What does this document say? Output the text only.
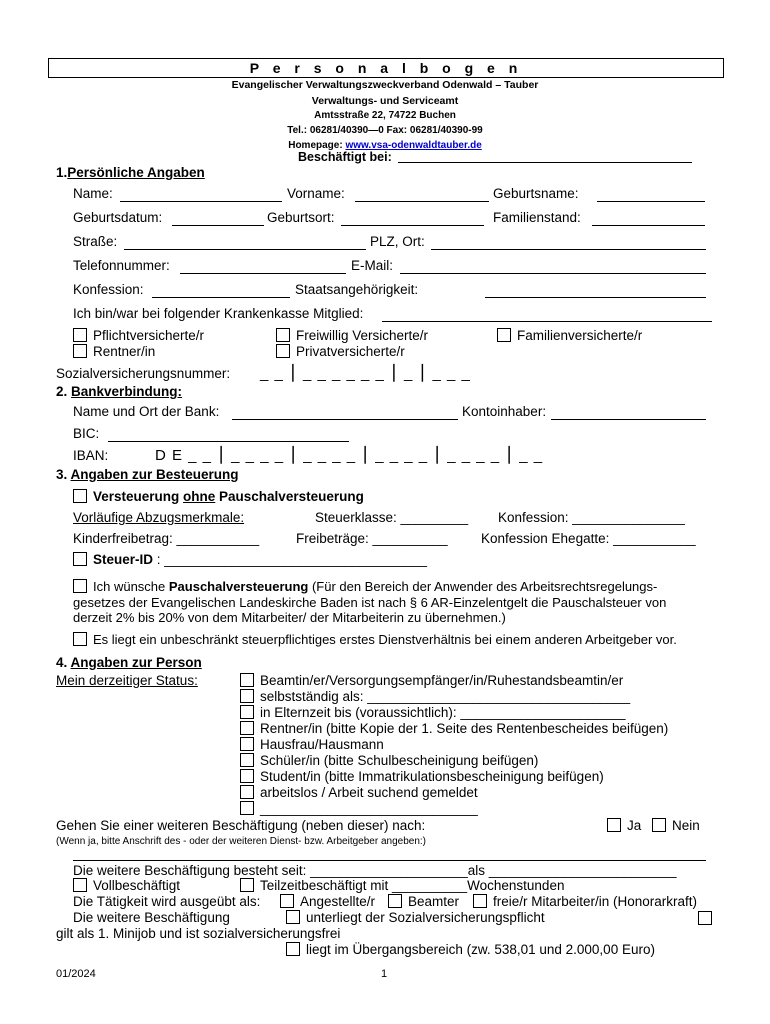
P e r s o n a l b o g e n
Evangelischer Verwaltungszweckverband Odenwald – Tauber
Verwaltungs- und Serviceamt
Amtsstraße 22, 74722 Buchen
Tel.: 06281/40390—0 Fax: 06281/40390-99
Homepage: www.vsa-odenwaldtauber.de
Beschäftigt bei:
1.Persönliche Angaben
Name:	Vorname:	Geburtsname:
Geburtsdatum:	Geburtsort:	Familienstand:
Straße:	PLZ, Ort:
Telefonnummer:	E-Mail:
Konfession:	Staatsangehörigkeit:
Ich bin/war bei folgender Krankenkasse Mitglied:
Pflichtversicherte/r	Freiwillig Versicherte/r	Familienversicherte/r
Rentner/in	Privatversicherte/r
Sozialversicherungsnummer: _ _ ⎮ _ _ _ _ _ _ ⎮ _ ⎮ _ _ _
2. Bankverbindung:
Name und Ort der Bank:	Kontoinhaber:
BIC:
IBAN:	D E _ _ ⎮ _ _ _ _ ⎮ _ _ _ _ ⎮ _ _ _ _ ⎮ _ _ _ _ ⎮ _ _
3. Angaben zur Besteuerung
Versteuerung ohne Pauschalversteuerung
Vorläufige Abzugsmerkmale:	Steuerklasse: _________ Konfession: _______________
Kinderfreibetrag: ___________	Freibeträge: __________ Konfession Ehegatte: ___________
Steuer-ID : ___________________________________
Ich wünsche Pauschalversteuerung (Für den Bereich der Anwender des Arbeitsrechtsregelungs-
gesetzes der Evangelischen Landeskirche Baden ist nach § 6 AR-Einzelentgelt die Pauschalsteuer von
derzeit 2% bis 20% von dem Mitarbeiter/ der Mitarbeiterin zu übernehmen.)
Es liegt ein unbeschränkt steuerpflichtiges erstes Dienstverhältnis bei einem anderen Arbeitgeber vor.
4. Angaben zur Person
Mein derzeitiger Status:	Beamtin/er/Versorgungsempfänger/in/Ruhestandsbeamtin/er
selbstständig als: ___________________________________
in Elternzeit bis (voraussichtlich): ______________________
Rentner/in (bitte Kopie der 1. Seite des Rentenbescheides beifügen)
Hausfrau/Hausmann
Schüler/in (bitte Schulbescheinigung beifügen)
Student/in (bitte Immatrikulationsbescheinigung beifügen)
arbeitslos / Arbeit suchend gemeldet
_____________________________
Gehen Sie einer weiteren Beschäftigung (neben dieser) nach:	Ja	Nein
(Wenn ja, bitte Anschrift des - oder der weiteren Dienst- bzw. Arbeitgeber angeben:)
Die weitere Beschäftigung besteht seit: _____________________als _________________________
Vollbeschäftigt	Teilzeitbeschäftigt mit __________Wochenstunden
Die Tätigkeit wird ausgeübt als:	Angestellte/r	Beamter	freie/r Mitarbeiter/in (Honorarkraft)
Die weitere Beschäftigung	unterliegt der Sozialversicherungspflicht
gilt als 1. Minijob und ist sozialversicherungsfrei
liegt im Übergangsbereich (zw. 538,01 und 2.000,00 Euro)
01/2024	1
